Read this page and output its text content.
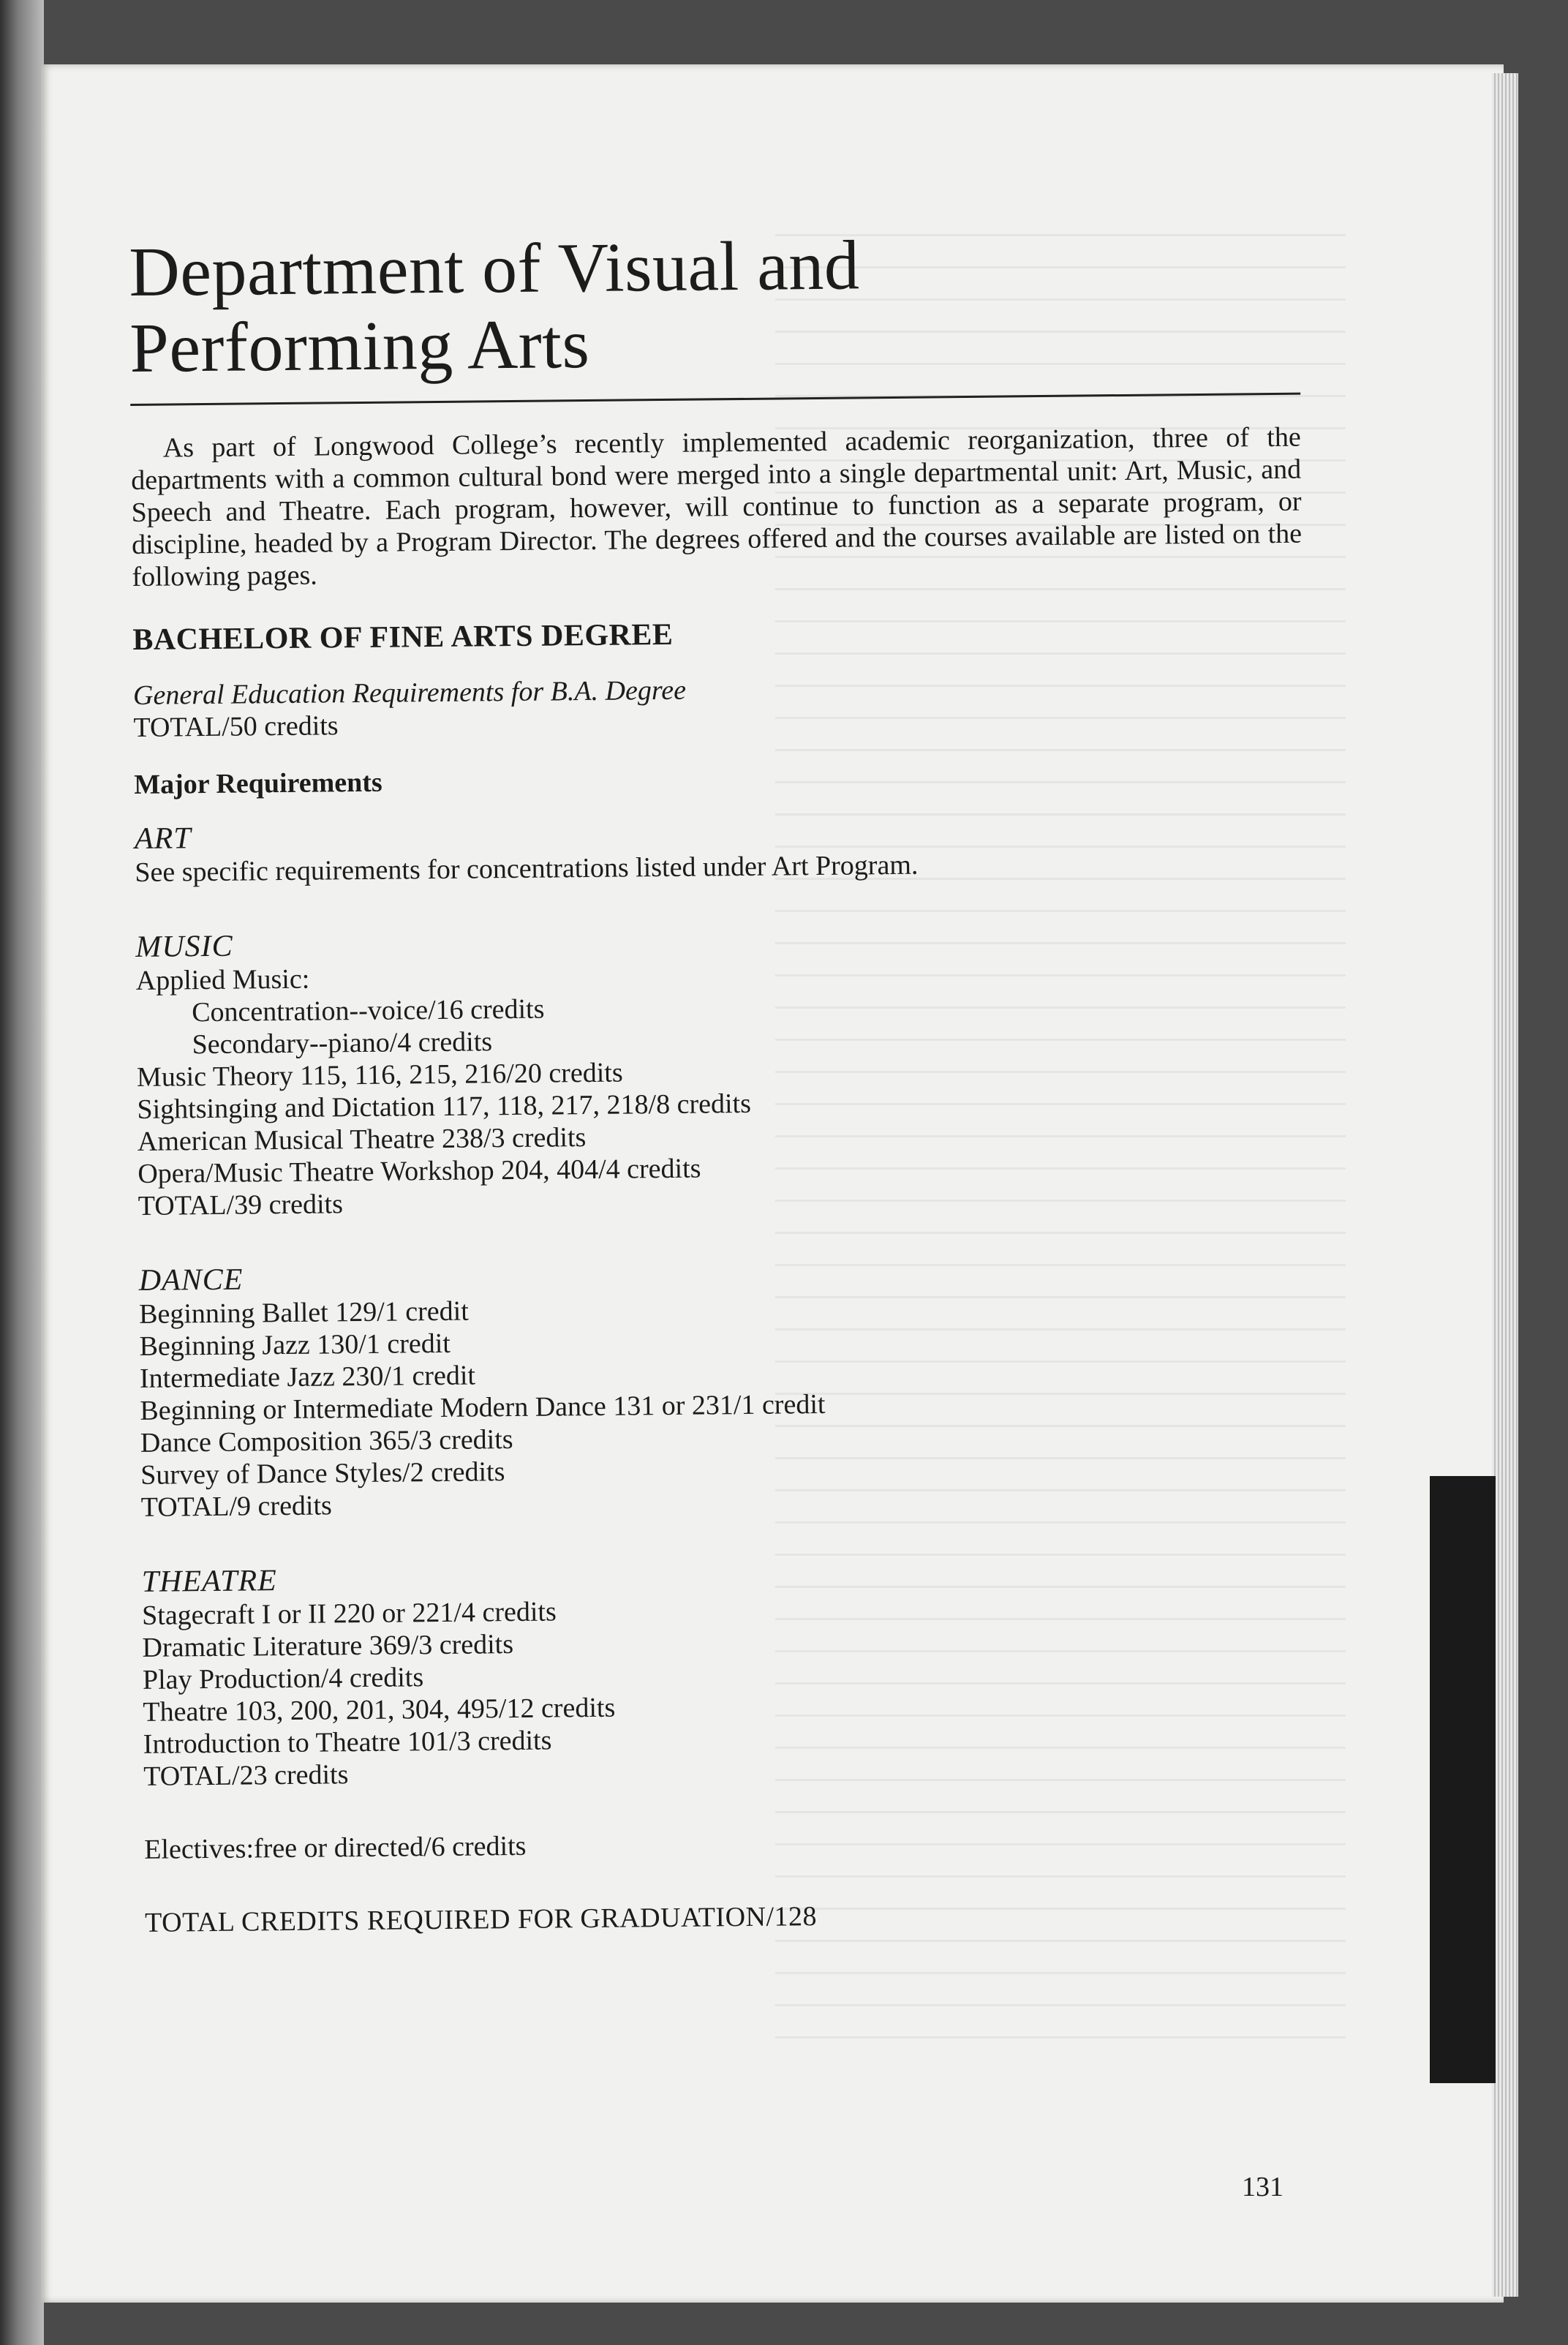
Department of Visual and
Performing Arts

As part of Longwood College’s recently implemented academic reorganization, three of the departments with a common cultural bond were merged into a single departmental unit: Art, Music, and Speech and Theatre. Each program, however, will continue to function as a separate program, or discipline, headed by a Program Director. The degrees offered and the courses available are listed on the following pages.

BACHELOR OF FINE ARTS DEGREE
General Education Requirements for B.A. Degree
TOTAL/50 credits
Major Requirements
ART
See specific requirements for concentrations listed under Art Program.
MUSIC
Applied Music:
Concentration--voice/16 credits
Secondary--piano/4 credits
Music Theory 115, 116, 215, 216/20 credits
Sightsinging and Dictation 117, 118, 217, 218/8 credits
American Musical Theatre 238/3 credits
Opera/Music Theatre Workshop 204, 404/4 credits
TOTAL/39 credits
DANCE
Beginning Ballet 129/1 credit
Beginning Jazz 130/1 credit
Intermediate Jazz 230/1 credit
Beginning or Intermediate Modern Dance 131 or 231/1 credit
Dance Composition 365/3 credits
Survey of Dance Styles/2 credits
TOTAL/9 credits
THEATRE
Stagecraft I or II 220 or 221/4 credits
Dramatic Literature 369/3 credits
Play Production/4 credits
Theatre 103, 200, 201, 304, 495/12 credits
Introduction to Theatre 101/3 credits
TOTAL/23 credits
Electives:free or directed/6 credits
TOTAL CREDITS REQUIRED FOR GRADUATION/128
131
